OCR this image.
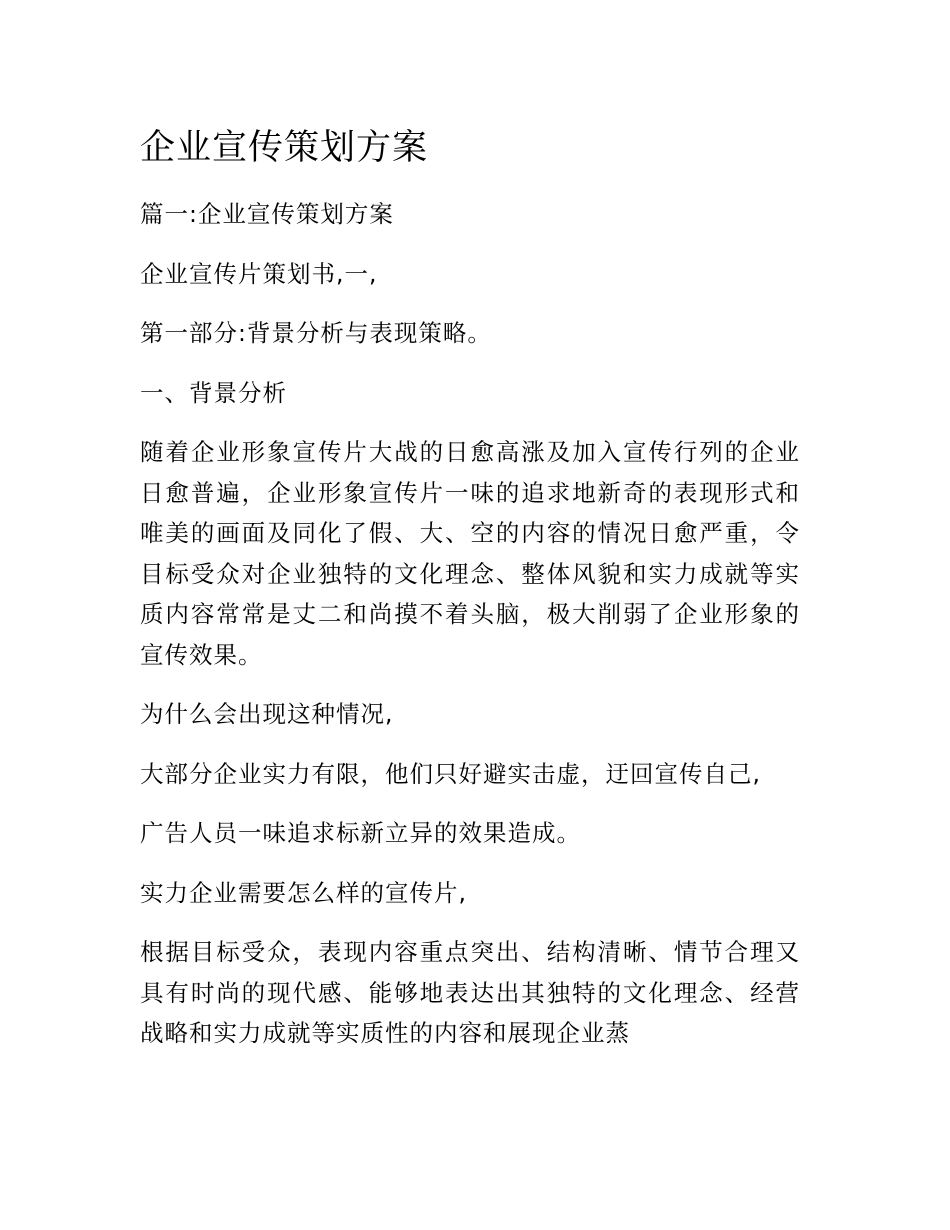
企业宣传策划方案

篇一:企业宣传策划方案

企业宣传片策划书,一,

第一部分:背景分析与表现策略。

一、背景分析

随着企业形象宣传片大战的日愈高涨及加入宣传行列的企业日愈普遍，企业形象宣传片一味的追求地新奇的表现形式和唯美的画面及同化了假、大、空的内容的情况日愈严重，令目标受众对企业独特的文化理念、整体风貌和实力成就等实质内容常常是丈二和尚摸不着头脑，极大削弱了企业形象的宣传效果。

为什么会出现这种情况,

大部分企业实力有限，他们只好避实击虚，迂回宣传自己,

广告人员一味追求标新立异的效果造成。

实力企业需要怎么样的宣传片,

根据目标受众，表现内容重点突出、结构清晰、情节合理又具有时尚的现代感、能够地表达出其独特的文化理念、经营战略和实力成就等实质性的内容和展现企业蒸
